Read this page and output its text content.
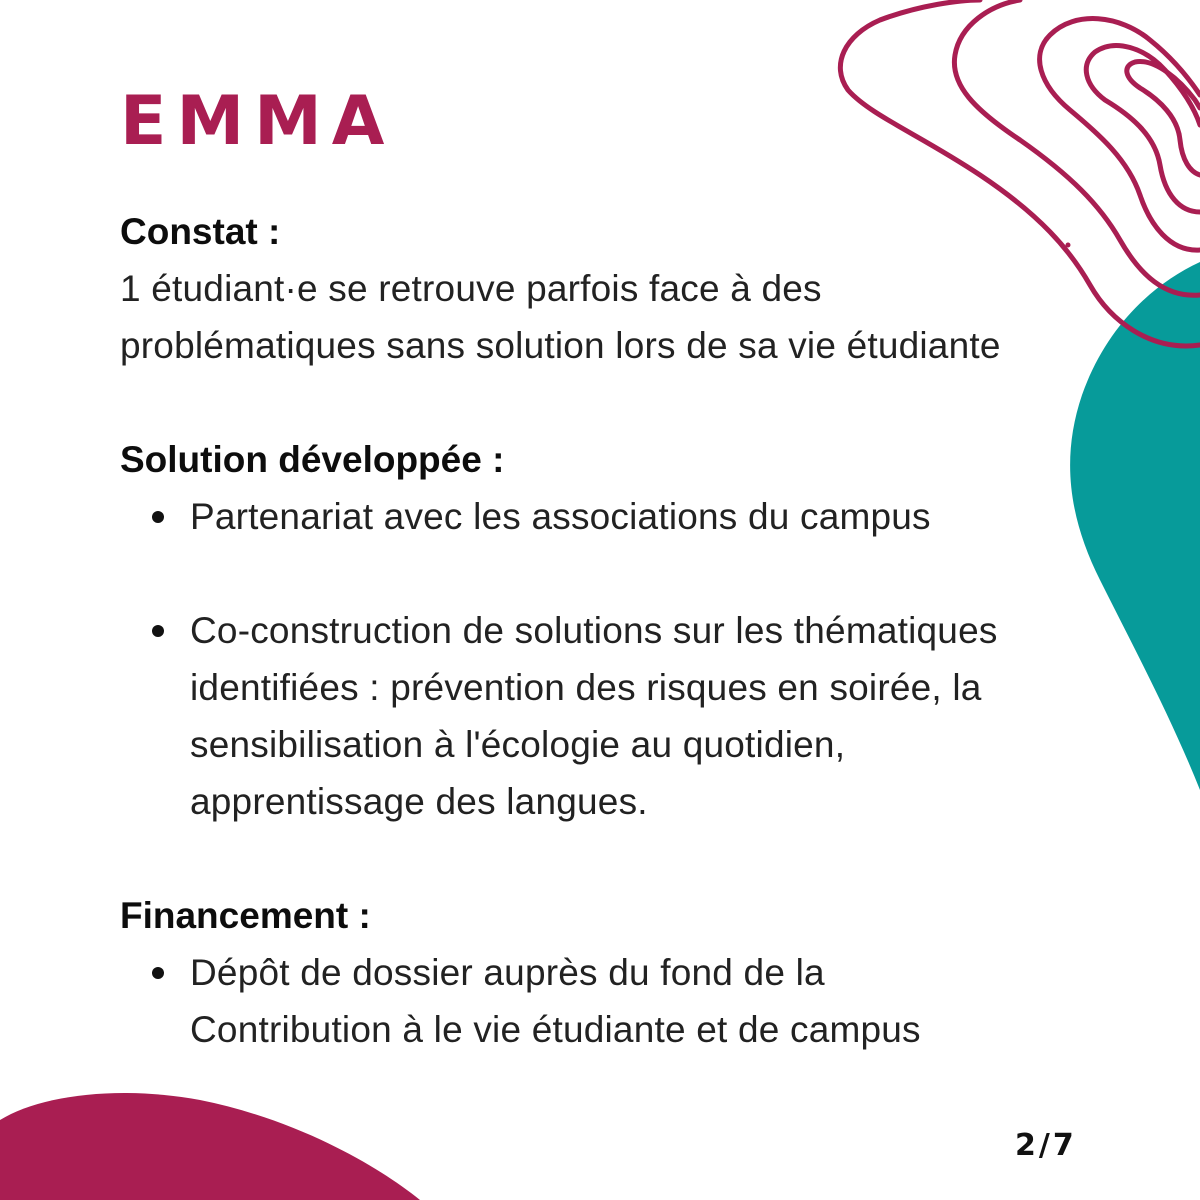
EMMA

Constat :

1 étudiant·e se retrouve parfois face à des

problématiques sans solution lors de sa vie étudiante

Solution développée :

Partenariat avec les associations du campus
Co-construction de solutions sur les thématiques
identifiées : prévention des risques en soirée, la
sensibilisation à l'écologie au quotidien,
apprentissage des langues.

Financement :

Dépôt de dossier auprès du fond de la
Contribution à le vie étudiante et de campus
2/7
